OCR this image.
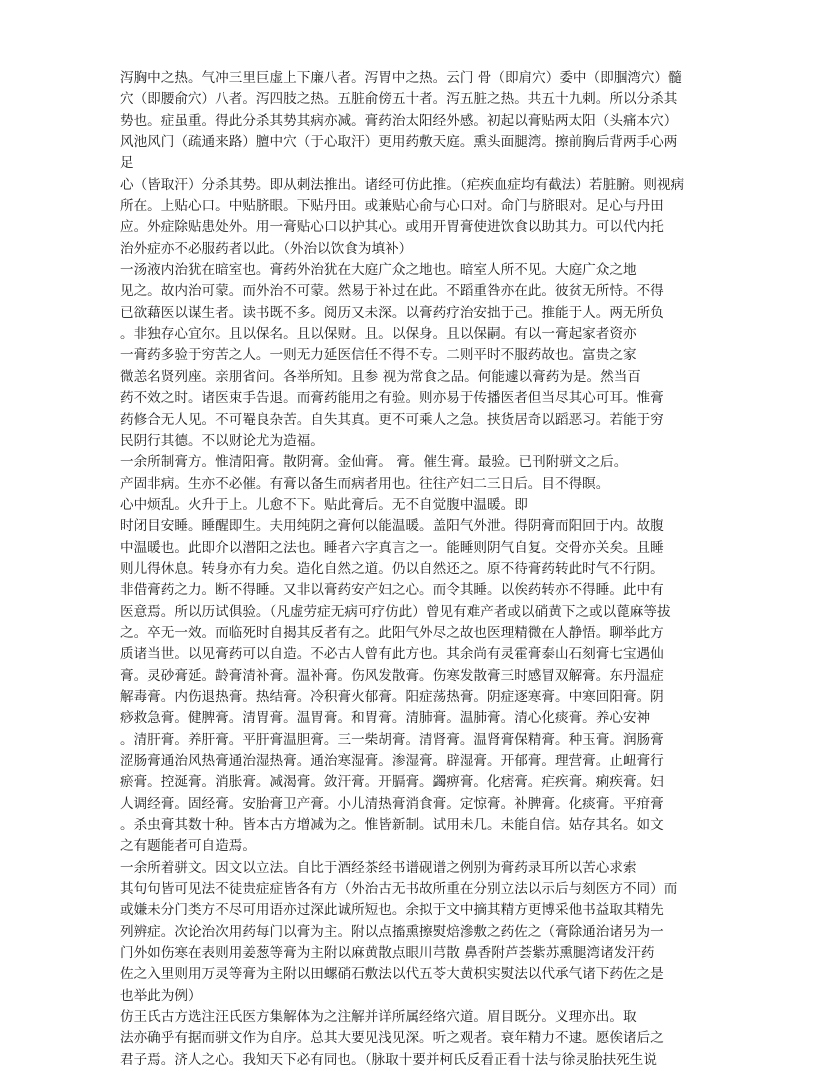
泻胸中之热。气冲三里巨虚上下廉八者。泻胃中之热。云门 骨（即肩穴）委中（即腘湾穴）髓
穴（即腰俞穴）八者。泻四肢之热。五脏俞傍五十者。泻五脏之热。共五十九刺。所以分杀其
势也。症虽重。得此分杀其势其病亦减。膏药治太阳经外感。初起以膏贴两太阳（头痛本穴）
风池风门（疏通来路）膻中穴（于心取汗）更用药敷天庭。熏头面腿湾。擦前胸后背两手心两
足
心（皆取汗）分杀其势。即从刺法推出。诸经可仿此推。（疟疾血症均有截法）若脏腑。则视病
所在。上贴心口。中贴脐眼。下贴丹田。或兼贴心俞与心口对。命门与脐眼对。足心与丹田
应。外症除贴患处外。用一膏贴心口以护其心。或用开胃膏使进饮食以助其力。可以代内托
治外症亦不必服药者以此。（外治以饮食为填补）
一汤液内治犹在暗室也。膏药外治犹在大庭广众之地也。暗室人所不见。大庭广众之地
见之。故内治可蒙。而外治不可蒙。然易于补过在此。不蹈重咎亦在此。彼贫无所恃。不得
已欲藉医以谋生者。读书既不多。阅历又未深。以膏药疗治安拙于己。推能于人。两无所负
。非独存心宜尔。且以保名。且以保财。且。以保身。且以保嗣。有以一膏起家者资亦
一膏药多验于穷苦之人。一则无力延医信任不得不专。二则平时不服药故也。富贵之家
微恙名贤列座。亲朋省问。各举所知。且参 视为常食之品。何能遽以膏药为是。然当百
药不效之时。诸医束手告退。而膏药能用之有验。则亦易于传播医者但当尽其心可耳。惟膏
药修合无人见。不可罨良杂苦。自失其真。更不可乘人之急。挟货居奇以蹈恶习。若能于穷
民阴行其德。不以财论尤为造福。
一余所制膏方。惟清阳膏。散阴膏。金仙膏。 膏。催生膏。最验。已刊附骈文之后。
产固非病。生亦不必催。有膏以备生而病者用也。往往产妇二三日后。目不得瞑。
心中烦乱。火升于上。儿愈不下。贴此膏后。无不自觉腹中温暖。即
时闭目安睡。睡醒即生。夫用纯阴之膏何以能温暖。盖阳气外泄。得阴膏而阳回于内。故腹
中温暖也。此即介以潜阳之法也。睡者六字真言之一。能睡则阴气自复。交骨亦关矣。且睡
则儿得休息。转身亦有力矣。造化自然之道。仍以自然还之。原不待膏药转此时气不行阴。
非借膏药之力。断不得睡。又非以膏药安产妇之心。而令其睡。以俟药转亦不得睡。此中有
医意焉。所以历试俱验。（凡虚劳症无病可疗仿此）曾见有难产者或以硝黄下之或以蓖麻等拔
之。卒无一效。而临死时自揭其反者有之。此阳气外尽之故也医理精微在人静悟。聊举此方
质诸当世。以见膏药可以自造。不必古人曾有此方也。其余尚有灵霍膏泰山石刻膏七宝遇仙
膏。灵砂膏延。龄膏清补膏。温补膏。伤风发散膏。伤寒发散膏三时感冒双解膏。东丹温症
解毒膏。内伤退热膏。热结膏。冷积膏火郁膏。阳症荡热膏。阴症逐寒膏。中寒回阳膏。阴
痧救急膏。健脾膏。清胃膏。温胃膏。和胃膏。清肺膏。温肺膏。清心化痰膏。养心安神
。清肝膏。养肝膏。平肝膏温胆膏。三一柴胡膏。清肾膏。温肾膏保精膏。种玉膏。润肠膏
涩肠膏通治风热膏通治湿热膏。通治寒湿膏。渗湿膏。辟湿膏。开郁膏。理营膏。止衄膏行
瘀膏。控涎膏。消胀膏。减渴膏。敛汗膏。开膈膏。蠲痹膏。化痞膏。疟疾膏。痢疾膏。妇
人调经膏。固经膏。安胎膏卫产膏。小儿清热膏消食膏。定惊膏。补脾膏。化痰膏。平疳膏
。杀虫膏其数十种。皆本古方增减为之。惟皆新制。试用未几。未能自信。姑存其名。如文
之有题能者可自造焉。
一余所着骈文。因文以立法。自比于酒经茶经书谱砚谱之例别为膏药录耳所以苦心求索
其句句皆可见法不徒贵症症皆各有方（外治古无书故所重在分别立法以示后与刻医方不同）而
或嫌未分门类方不尽可用语亦过深此诚所短也。余拟于文中摘其精方更博采他书益取其精先
列辨症。次论治次用药每门以膏为主。附以点搐熏擦熨焙滲敷之药佐之（膏除通治诸另为一
门外如伤寒在表则用姜葱等膏为主附以麻黄散点眼川芎散 鼻香附芦荟紫苏熏腿湾诸发汗药
佐之入里则用万灵等膏为主附以田螺硝石敷法以代五苓大黄枳实熨法以代承气诸下药佐之是
也举此为例）
仿王氏古方选注汪氏医方集解体为之注解并详所属经络穴道。眉目既分。义理亦出。取
法亦确乎有据而骈文作为自序。总其大要见浅见深。听之观者。衰年精力不逮。愿俟诸后之
君子焉。济人之心。我知天下必有同也。（脉取十要并柯氏反看正看十法与徐灵胎扶死生说
